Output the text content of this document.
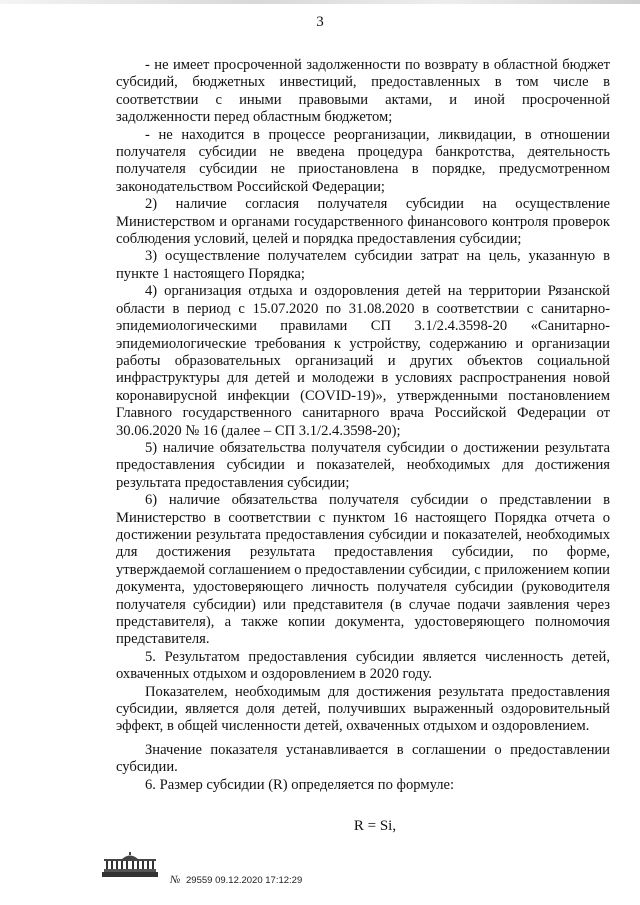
3

- не имеет просроченной задолженности по возврату в областной бюджет субсидий, бюджетных инвестиций, предоставленных в том числе в соответствии с иными правовыми актами, и иной просроченной задолженности перед областным бюджетом;

- не находится в процессе реорганизации, ликвидации, в отношении получателя субсидии не введена процедура банкротства, деятельность получателя субсидии не приостановлена в порядке, предусмотренном законодательством Российской Федерации;

2) наличие согласия получателя субсидии на осуществление Министерством и органами государственного финансового контроля проверок соблюдения условий, целей и порядка предоставления субсидии;

3) осуществление получателем субсидии затрат на цель, указанную в пункте 1 настоящего Порядка;

4) организация отдыха и оздоровления детей на территории Рязанской области в период с 15.07.2020 по 31.08.2020 в соответствии с санитарно-эпидемиологическими правилами СП 3.1/2.4.3598-20 «Санитарно-эпидемиологические требования к устройству, содержанию и организации работы образовательных организаций и других объектов социальной инфраструктуры для детей и молодежи в условиях распространения новой коронавирусной инфекции (COVID-19)», утвержденными постановлением Главного государственного санитарного врача Российской Федерации от 30.06.2020 № 16 (далее – СП 3.1/2.4.3598-20);

5) наличие обязательства получателя субсидии о достижении результата предоставления субсидии и показателей, необходимых для достижения результата предоставления субсидии;

6) наличие обязательства получателя субсидии о представлении в Министерство в соответствии с пунктом 16 настоящего Порядка отчета о достижении результата предоставления субсидии и показателей, необходимых для достижения результата предоставления субсидии, по форме, утверждаемой соглашением о предоставлении субсидии, с приложением копии документа, удостоверяющего личность получателя субсидии (руководителя получателя субсидии) или представителя (в случае подачи заявления через представителя), а также копии документа, удостоверяющего полномочия представителя.

5. Результатом предоставления субсидии является численность детей, охваченных отдыхом и оздоровлением в 2020 году.

Показателем, необходимым для достижения результата предоставления субсидии, является доля детей, получивших выраженный оздоровительный эффект, в общей численности детей, охваченных отдыхом и оздоровлением.

Значение показателя устанавливается в соглашении о предоставлении субсидии.

6. Размер субсидии (R) определяется по формуле:

R = Si,
№ 29559 09.12.2020 17:12:29
